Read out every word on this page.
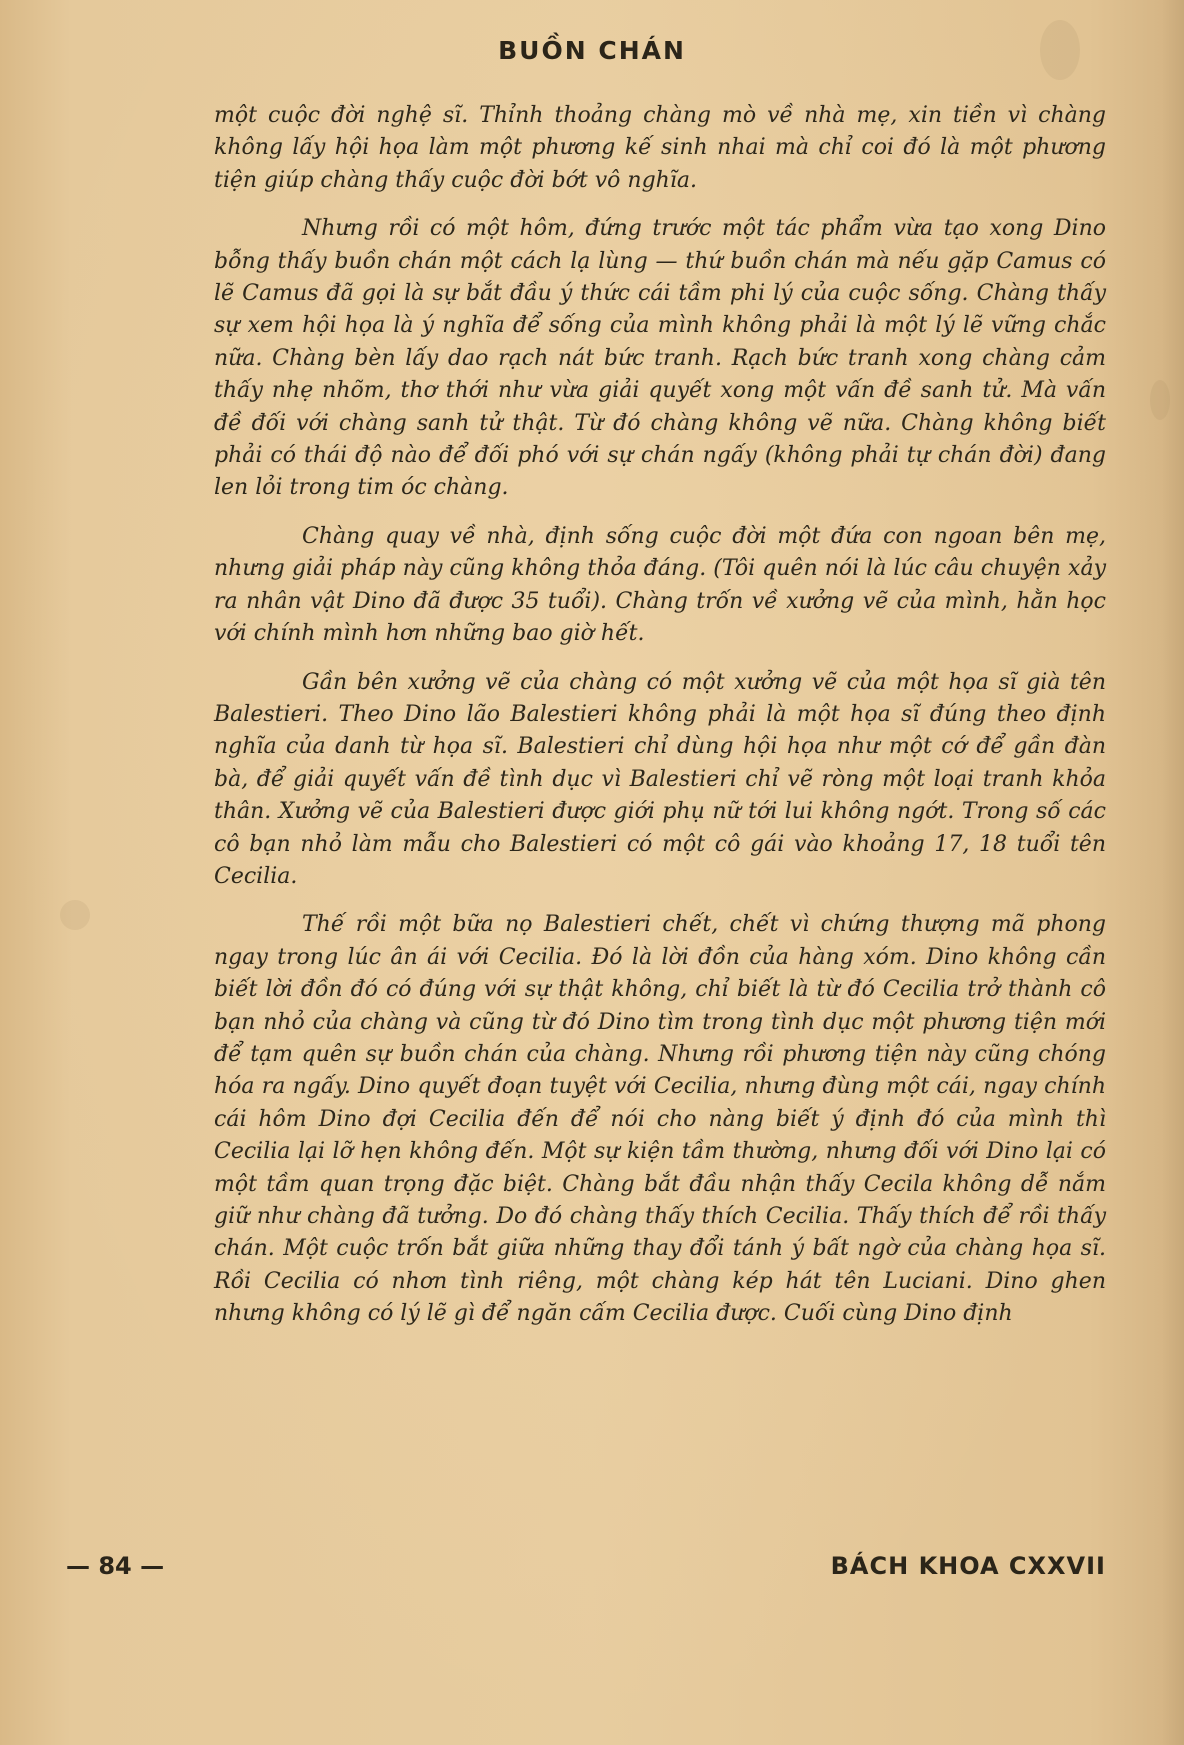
BUỒN CHÁN

một cuộc đời nghệ sĩ. Thỉnh thoảng chàng mò về nhà mẹ, xin tiền vì chàng không lấy hội họa làm một phương kế sinh nhai mà chỉ coi đó là một phương tiện giúp chàng thấy cuộc đời bớt vô nghĩa.

Nhưng rồi có một hôm, đứng trước một tác phẩm vừa tạo xong Dino bỗng thấy buồn chán một cách lạ lùng — thứ buồn chán mà nếu gặp Camus có lẽ Camus đã gọi là sự bắt đầu ý thức cái tầm phi lý của cuộc sống. Chàng thấy sự xem hội họa là ý nghĩa để sống của mình không phải là một lý lẽ vững chắc nữa. Chàng bèn lấy dao rạch nát bức tranh. Rạch bức tranh xong chàng cảm thấy nhẹ nhõm, thơ thới như vừa giải quyết xong một vấn đề sanh tử. Mà vấn đề đối với chàng sanh tử thật. Từ đó chàng không vẽ nữa. Chàng không biết phải có thái độ nào để đối phó với sự chán ngấy (không phải tự chán đời) đang len lỏi trong tim óc chàng.

Chàng quay về nhà, định sống cuộc đời một đứa con ngoan bên mẹ, nhưng giải pháp này cũng không thỏa đáng. (Tôi quên nói là lúc câu chuyện xảy ra nhân vật Dino đã được 35 tuổi). Chàng trốn về xưởng vẽ của mình, hằn học với chính mình hơn những bao giờ hết.

Gần bên xưởng vẽ của chàng có một xưởng vẽ của một họa sĩ già tên Balestieri. Theo Dino lão Balestieri không phải là một họa sĩ đúng theo định nghĩa của danh từ họa sĩ. Balestieri chỉ dùng hội họa như một cớ để gần đàn bà, để giải quyết vấn đề tình dục vì Balestieri chỉ vẽ ròng một loại tranh khỏa thân. Xưởng vẽ của Balestieri được giới phụ nữ tới lui không ngớt. Trong số các cô bạn nhỏ làm mẫu cho Balestieri có một cô gái vào khoảng 17, 18 tuổi tên Cecilia.

Thế rồi một bữa nọ Balestieri chết, chết vì chứng thượng mã phong ngay trong lúc ân ái với Cecilia. Đó là lời đồn của hàng xóm. Dino không cần biết lời đồn đó có đúng với sự thật không, chỉ biết là từ đó Cecilia trở thành cô bạn nhỏ của chàng và cũng từ đó Dino tìm trong tình dục một phương tiện mới để tạm quên sự buồn chán của chàng. Nhưng rồi phương tiện này cũng chóng hóa ra ngấy. Dino quyết đoạn tuyệt với Cecilia, nhưng đùng một cái, ngay chính cái hôm Dino đợi Cecilia đến để nói cho nàng biết ý định đó của mình thì Cecilia lại lỡ hẹn không đến. Một sự kiện tầm thường, nhưng đối với Dino lại có một tầm quan trọng đặc biệt. Chàng bắt đầu nhận thấy Cecila không dễ nắm giữ như chàng đã tưởng. Do đó chàng thấy thích Cecilia. Thấy thích để rồi thấy chán. Một cuộc trốn bắt giữa những thay đổi tánh ý bất ngờ của chàng họa sĩ. Rồi Cecilia có nhơn tình riêng, một chàng kép hát tên Luciani. Dino ghen nhưng không có lý lẽ gì để ngăn cấm Cecilia được. Cuối cùng Dino định

— 84 —	BÁCH KHOA CXXVII
